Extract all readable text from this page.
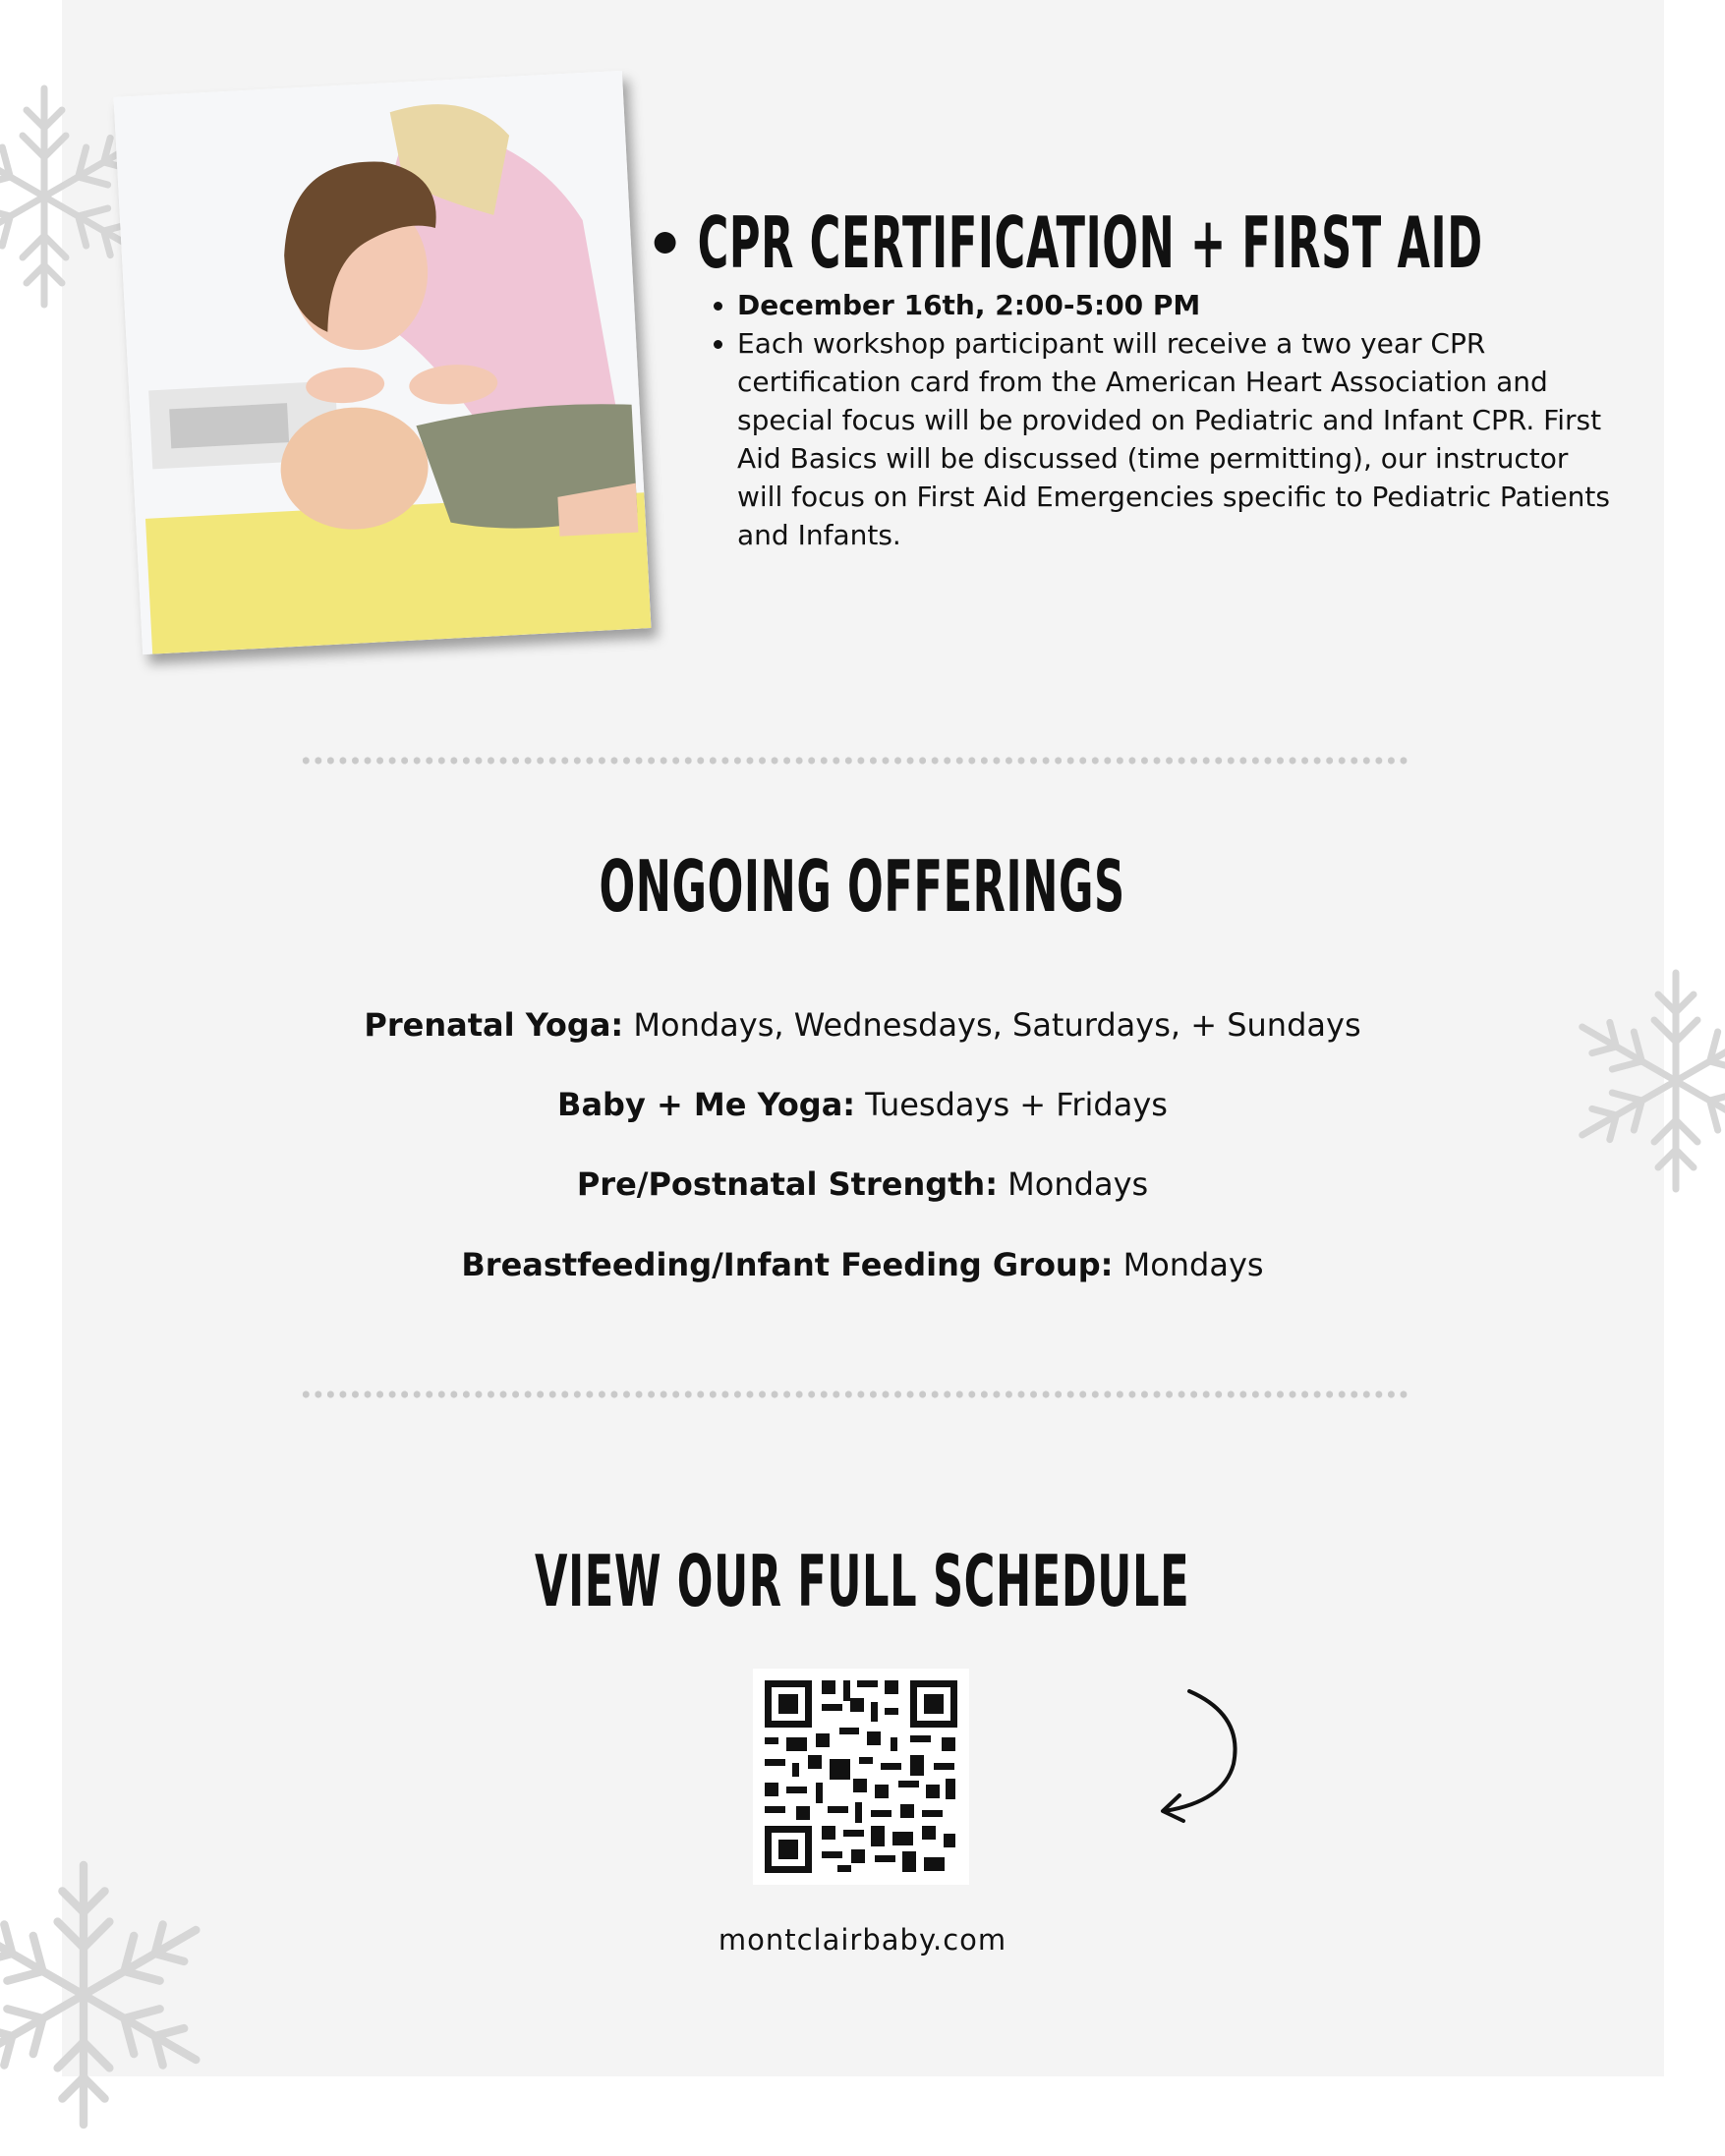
CPR CERTIFICATION + FIRST AID
• December 16th, 2:00-5:00 PM
• Each workshop participant will receive a two year CPR certification card from the American Heart Association and special focus will be provided on Pediatric and Infant CPR. First Aid Basics will be discussed (time permitting), our instructor will focus on First Aid Emergencies specific to Pediatric Patients and Infants.
ONGOING OFFERINGS
Prenatal Yoga: Mondays, Wednesdays, Saturdays, + Sundays
Baby + Me Yoga: Tuesdays + Fridays
Pre/Postnatal Strength: Mondays
Breastfeeding/Infant Feeding Group: Mondays
VIEW OUR FULL SCHEDULE
montclairbaby.com
